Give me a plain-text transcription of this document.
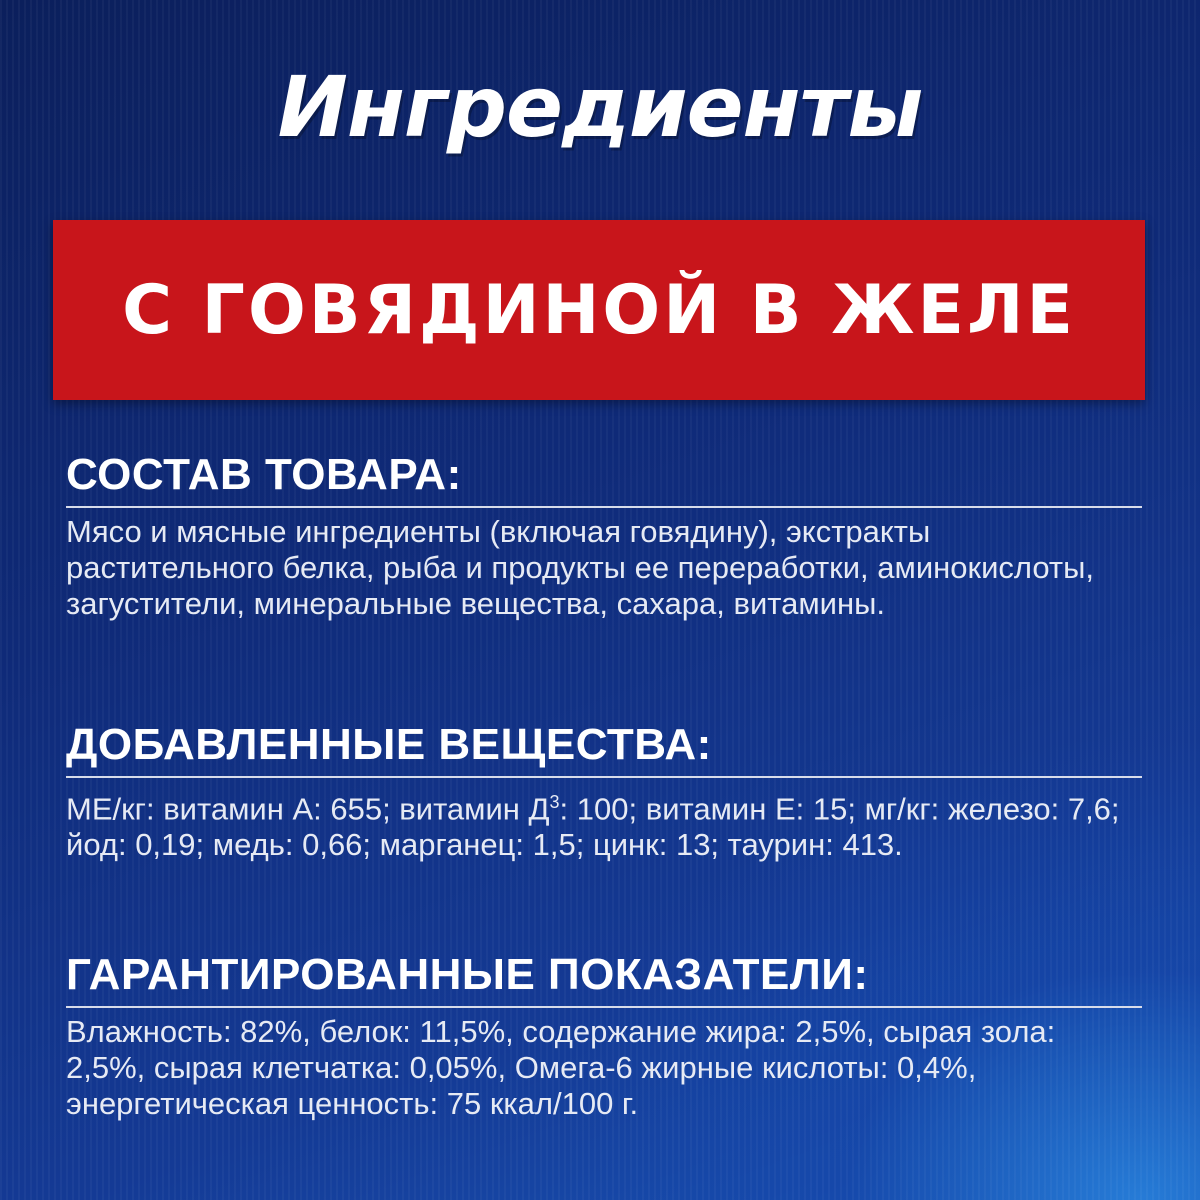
Ингредиенты
С ГОВЯДИНОЙ В ЖЕЛЕ
СОСТАВ ТОВАРА:

Мясо и мясные ингредиенты (включая говядину), экстракты растительного белка, рыба и продукты ее переработки, аминокислоты, загустители, минеральные вещества, сахара, витамины.

ДОБАВЛЕННЫЕ ВЕЩЕСТВА:

МЕ/кг: витамин А: 655; витамин $Д^3$: 100; витамин Е: 15; мг/кг: железо: 7,6; йод: 0,19; медь: 0,66; марганец: 1,5; цинк: 13; таурин: 413.

ГАРАНТИРОВАННЫЕ ПОКАЗАТЕЛИ:

Влажность: 82%, белок: 11,5%, содержание жира: 2,5%, сырая зола: 2,5%, сырая клетчатка: 0,05%, Омега-6 жирные кислоты: 0,4%, энергетическая ценность: 75 ккал/100 г.
